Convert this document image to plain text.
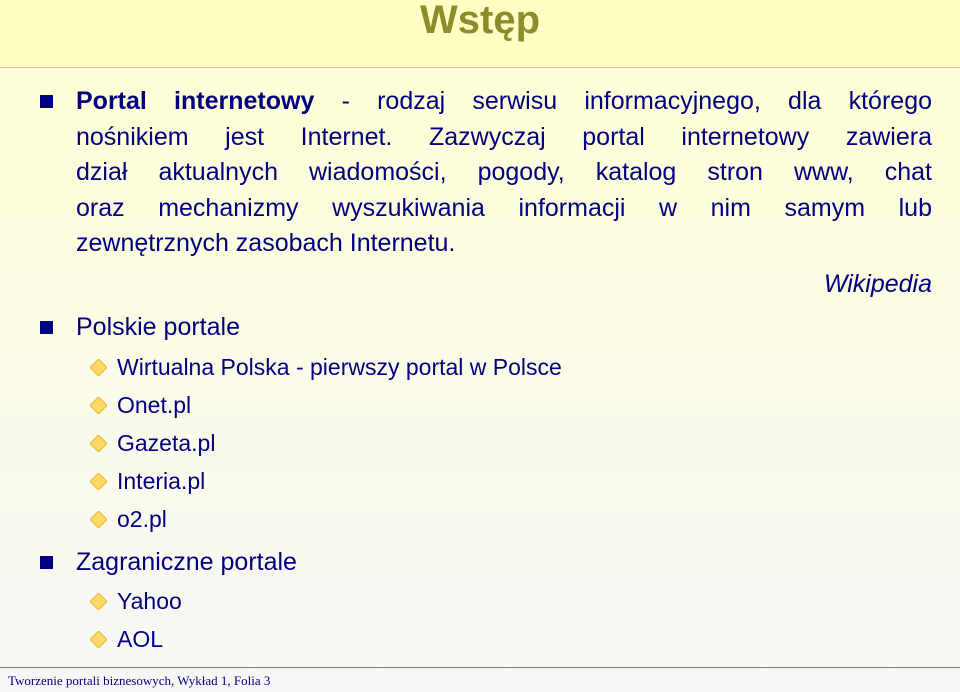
Wstęp
Portal internetowy - rodzaj serwisu informacyjnego, dla którego
nośnikiem jest Internet. Zazwyczaj portal internetowy zawiera
dział aktualnych wiadomości, pogody, katalog stron www, chat
oraz mechanizmy wyszukiwania informacji w nim samym lub
zewnętrznych zasobach Internetu.
Wikipedia
Polskie portale
Wirtualna Polska - pierwszy portal w Polsce
Onet.pl
Gazeta.pl
Interia.pl
o2.pl
Zagraniczne portale
Yahoo
AOL
Tworzenie portali biznesowych, Wykład 1, Folia 3
